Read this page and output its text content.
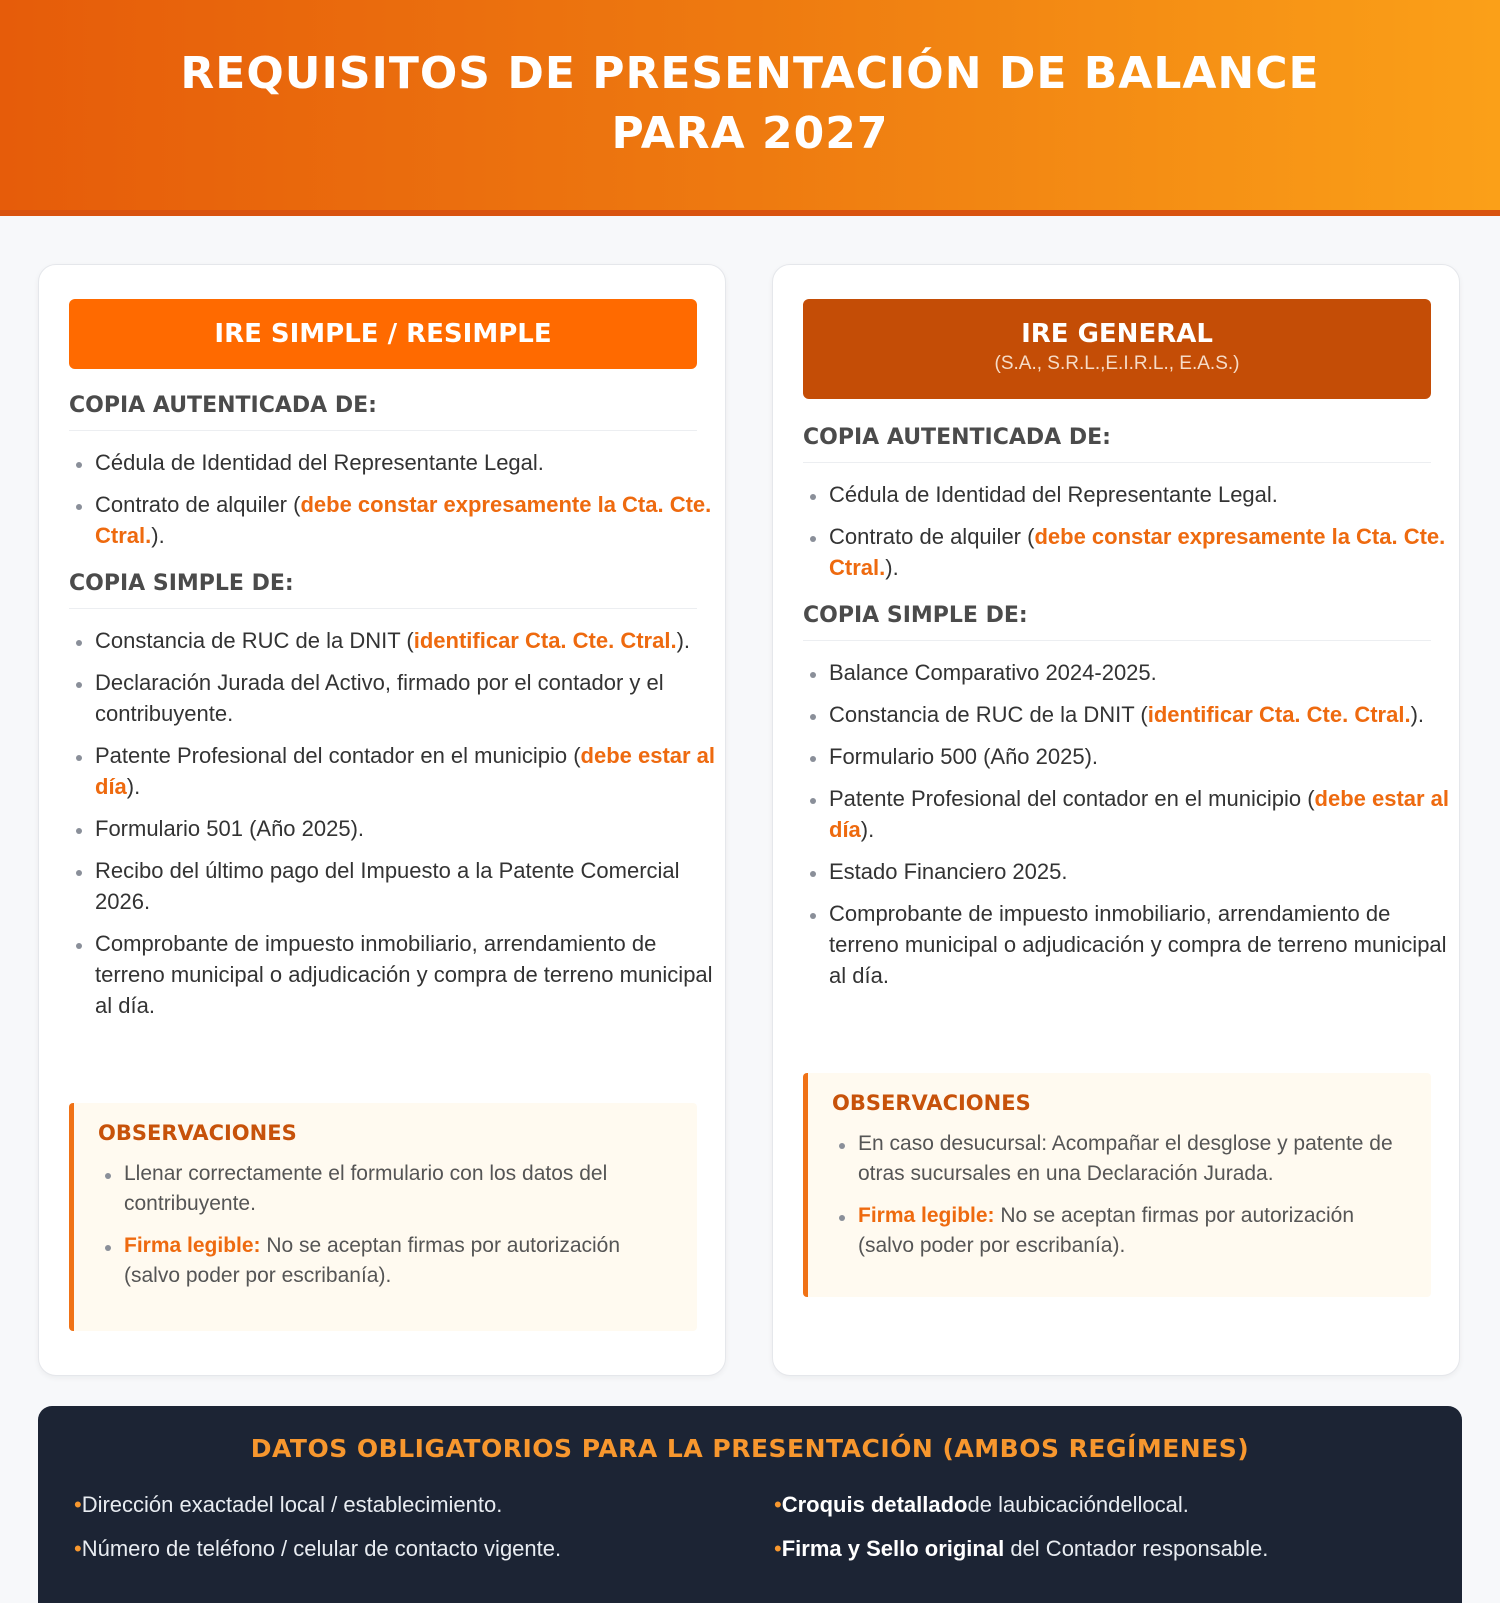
REQUISITOS DE PRESENTACIÓN DE BALANCE
PARA 2027
IRE SIMPLE / RESIMPLE
COPIA AUTENTICADA DE:
Cédula de Identidad del Representante Legal.
Contrato de alquiler (debe constar expresamente la Cta. Cte. Ctral.).
COPIA SIMPLE DE:
Constancia de RUC de la DNIT (identificar Cta. Cte. Ctral.).
Declaración Jurada del Activo, firmado por el contador y el contribuyente.
Patente Profesional del contador en el municipio (debe estar al día).
Formulario 501 (Año 2025).
Recibo del último pago del Impuesto a la Patente Comercial 2026.
Comprobante de impuesto inmobiliario, arrendamiento de terreno municipal o adjudicación y compra de terreno municipal al día.
OBSERVACIONES
Llenar correctamente el formulario con los datos del contribuyente.
Firma legible: No se aceptan firmas por autorización (salvo poder por escribanía).
IRE GENERAL
(S.A., S.R.L.,E.I.R.L., E.A.S.)
COPIA AUTENTICADA DE:
Cédula de Identidad del Representante Legal.
Contrato de alquiler (debe constar expresamente la Cta. Cte. Ctral.).
COPIA SIMPLE DE:
Balance Comparativo 2024-2025.
Constancia de RUC de la DNIT (identificar Cta. Cte. Ctral.).
Formulario 500 (Año 2025).
Patente Profesional del contador en el municipio (debe estar al día).
Estado Financiero 2025.
Comprobante de impuesto inmobiliario, arrendamiento de terreno municipal o adjudicación y compra de terreno municipal al día.
OBSERVACIONES
En caso desucursal: Acompañar el desglose y patente de otras sucursales en una Declaración Jurada.
Firma legible: No se aceptan firmas por autorización (salvo poder por escribanía).
DATOS OBLIGATORIOS PARA LA PRESENTACIÓN (AMBOS REGÍMENES)
•Dirección exactadel local / establecimiento.
•Número de teléfono / celular de contacto vigente.
•Croquis detalladode laubicacióndellocal.
•Firma y Sello original del Contador responsable.
